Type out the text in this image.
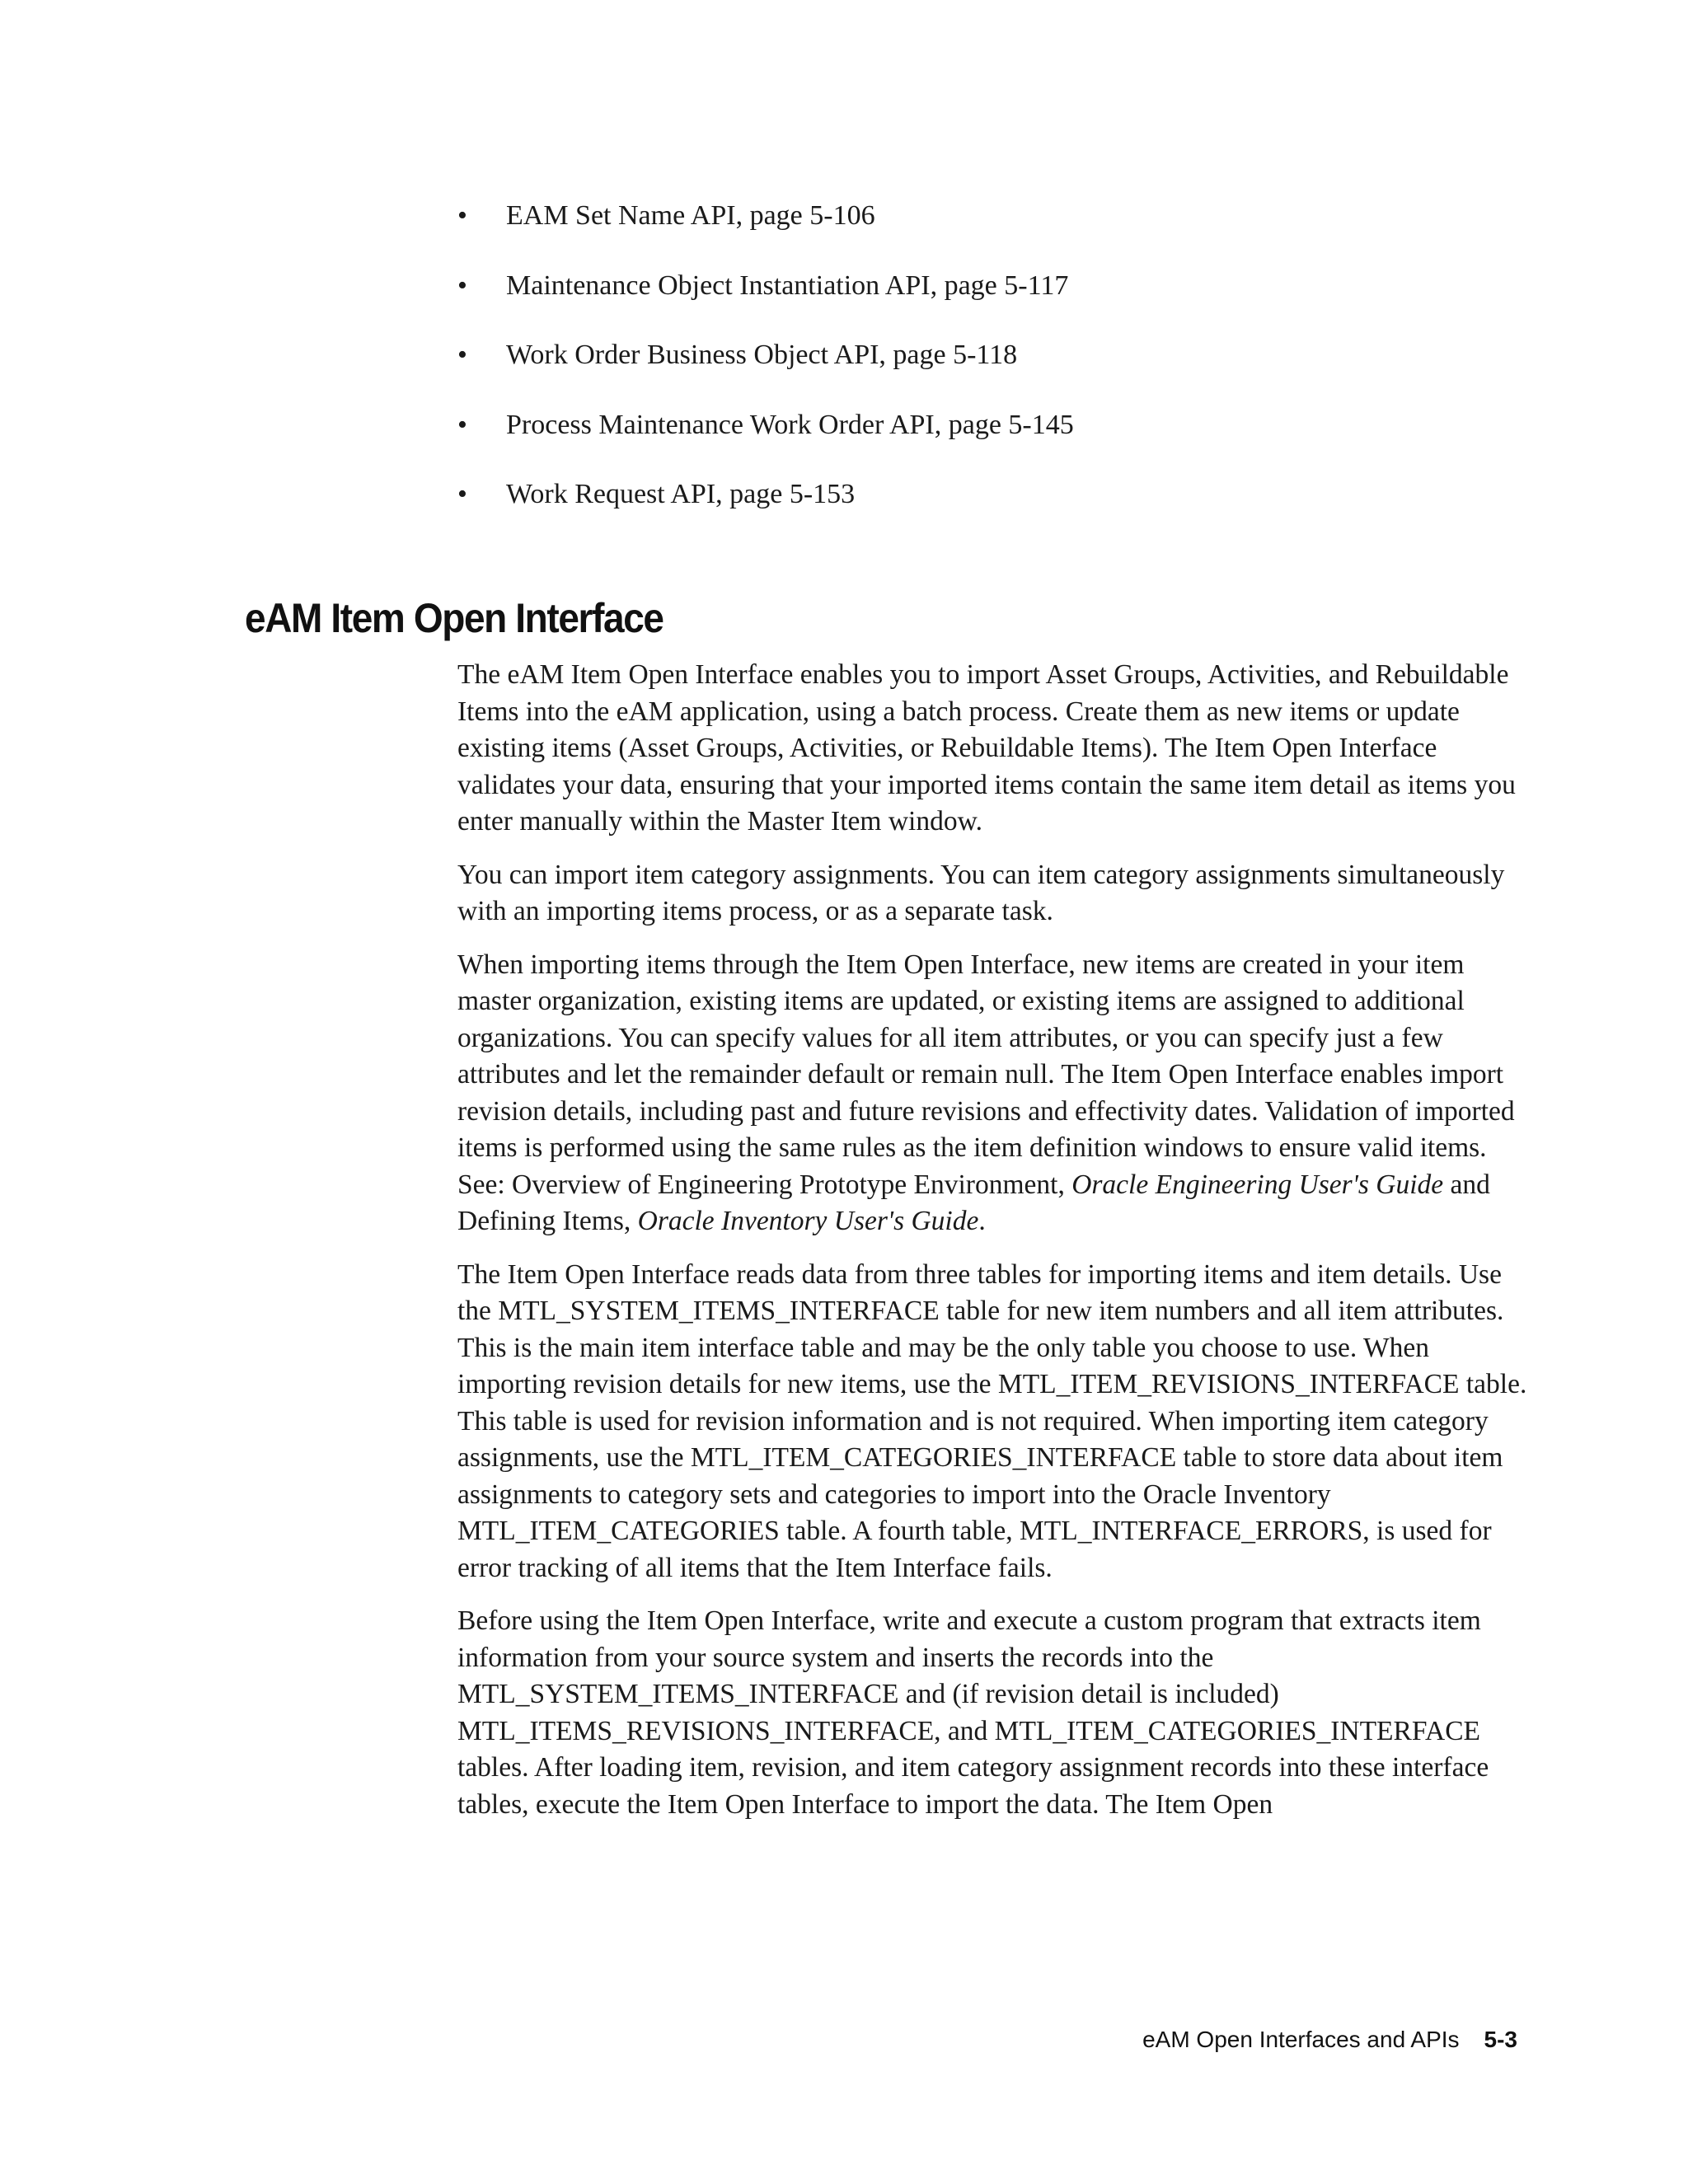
•	EAM Set Name API, page 5-106
•	Maintenance Object Instantiation API, page 5-117
•	Work Order Business Object API, page 5-118
•	Process Maintenance Work Order API, page 5-145
•	Work Request API, page 5-153
eAM Item Open Interface

The eAM Item Open Interface enables you to import Asset Groups, Activities, and Rebuildable Items into the eAM application, using a batch process. Create them as new items or update existing items (Asset Groups, Activities, or Rebuildable Items). The Item Open Interface validates your data, ensuring that your imported items contain the same item detail as items you enter manually within the Master Item window.

You can import item category assignments. You can item category assignments simultaneously with an importing items process, or as a separate task.

When importing items through the Item Open Interface, new items are created in your item master organization, existing items are updated, or existing items are assigned to additional organizations. You can specify values for all item attributes, or you can specify just a few attributes and let the remainder default or remain null. The Item Open Interface enables import revision details, including past and future revisions and effectivity dates. Validation of imported items is performed using the same rules as the item definition windows to ensure valid items. See: Overview of Engineering Prototype Environment, Oracle Engineering User's Guide and Defining Items, Oracle Inventory User's Guide.

The Item Open Interface reads data from three tables for importing items and item details. Use the MTL_SYSTEM_ITEMS_INTERFACE table for new item numbers and all item attributes. This is the main item interface table and may be the only table you choose to use. When importing revision details for new items, use the MTL_ITEM_REVISIONS_INTERFACE table. This table is used for revision information and is not required. When importing item category assignments, use the MTL_ITEM_CATEGORIES_INTERFACE table to store data about item assignments to category sets and categories to import into the Oracle Inventory MTL_ITEM_CATEGORIES table. A fourth table, MTL_INTERFACE_ERRORS, is used for error tracking of all items that the Item Interface fails.

Before using the Item Open Interface, write and execute a custom program that extracts item information from your source system and inserts the records into the MTL_SYSTEM_ITEMS_INTERFACE and (if revision detail is included) MTL_ITEMS_REVISIONS_INTERFACE, and MTL_ITEM_CATEGORIES_INTERFACE tables. After loading item, revision, and item category assignment records into these interface tables, execute the Item Open Interface to import the data. The Item Open

eAM Open Interfaces and APIs 5-3
